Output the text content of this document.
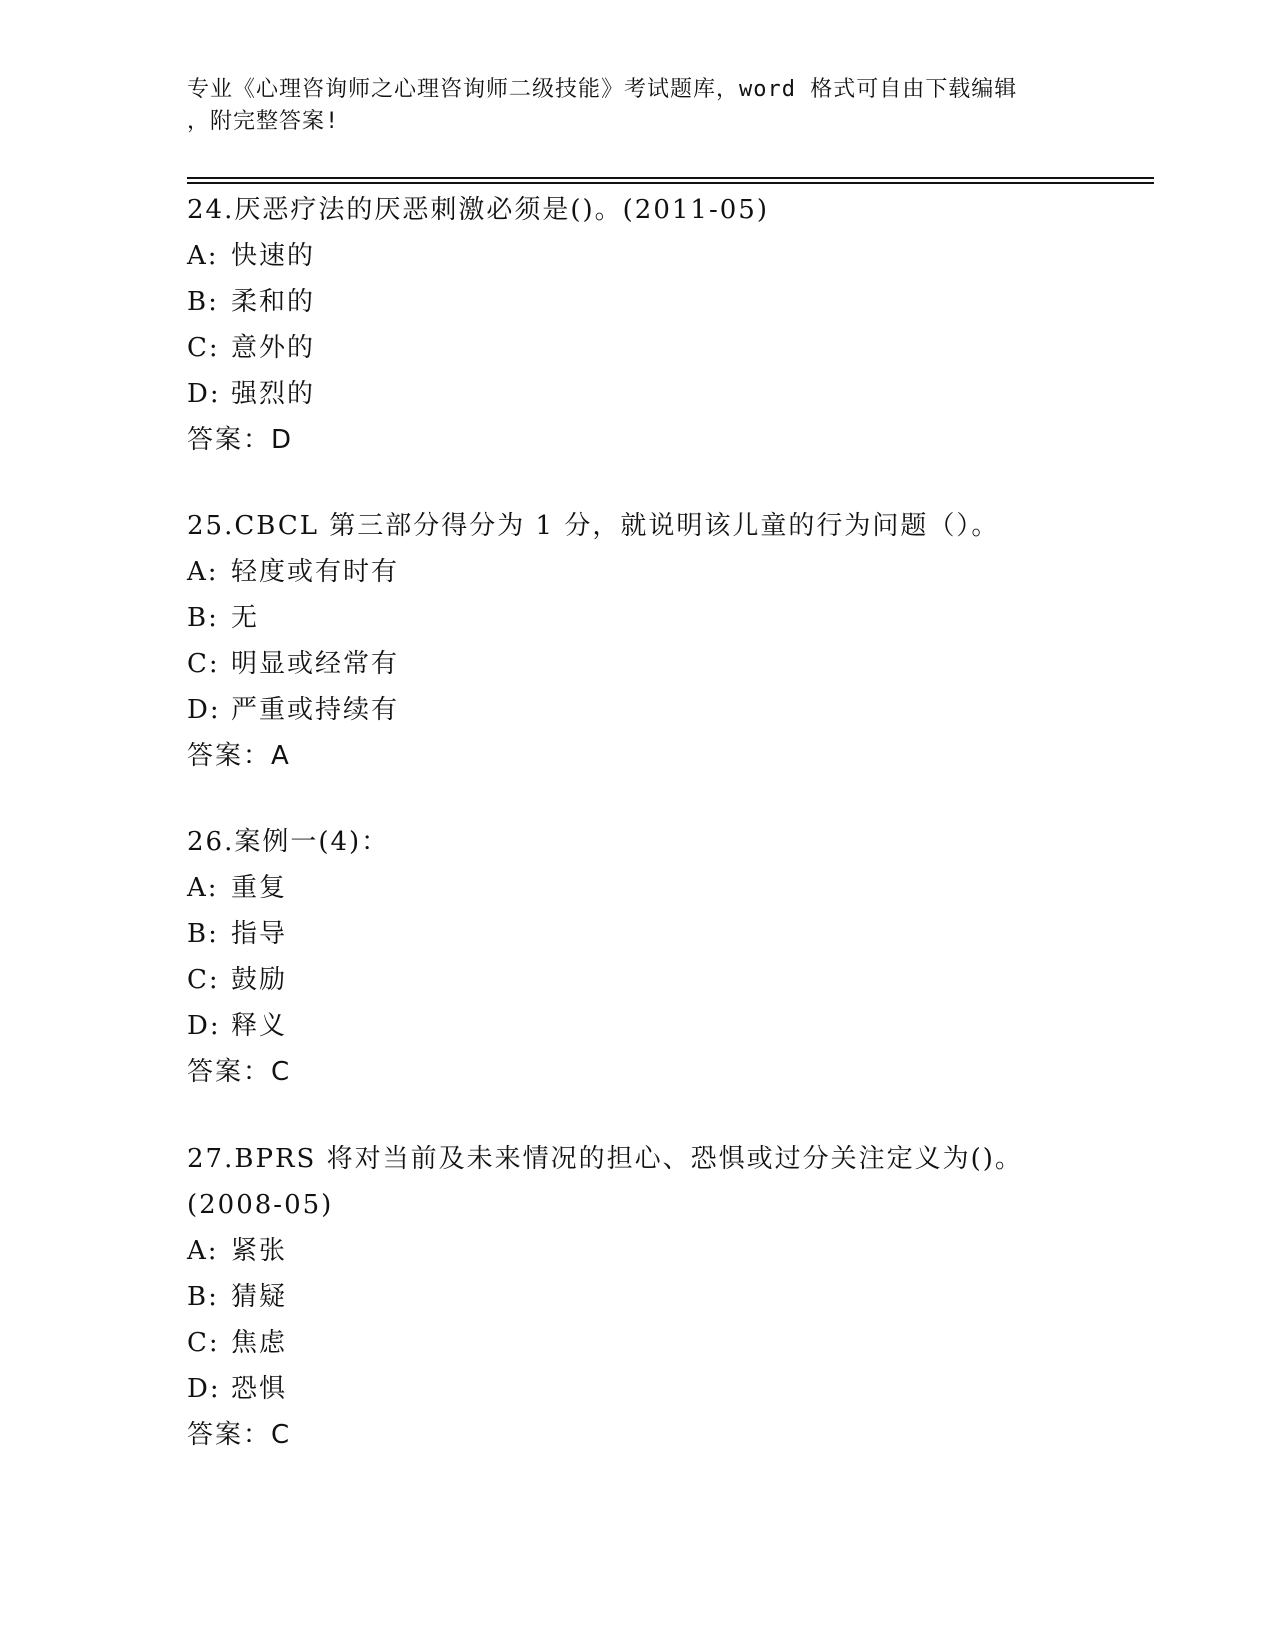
专业《心理咨询师之心理咨询师二级技能》考试题库，word 格式可自由下载编辑
，附完整答案!
24.厌恶疗法的厌恶刺激必须是()。(2011-05)
A: 快速的
B: 柔和的
C: 意外的
D: 强烈的
答案：D
25.CBCL 第三部分得分为 1 分，就说明该儿童的行为问题（）。
A: 轻度或有时有
B: 无
C: 明显或经常有
D: 严重或持续有
答案：A
26.案例一(4)：
A: 重复
B: 指导
C: 鼓励
D: 释义
答案：C
27.BPRS 将对当前及未来情况的担心、恐惧或过分关注定义为()。
(2008-05)
A: 紧张
B: 猜疑
C: 焦虑
D: 恐惧
答案：C
